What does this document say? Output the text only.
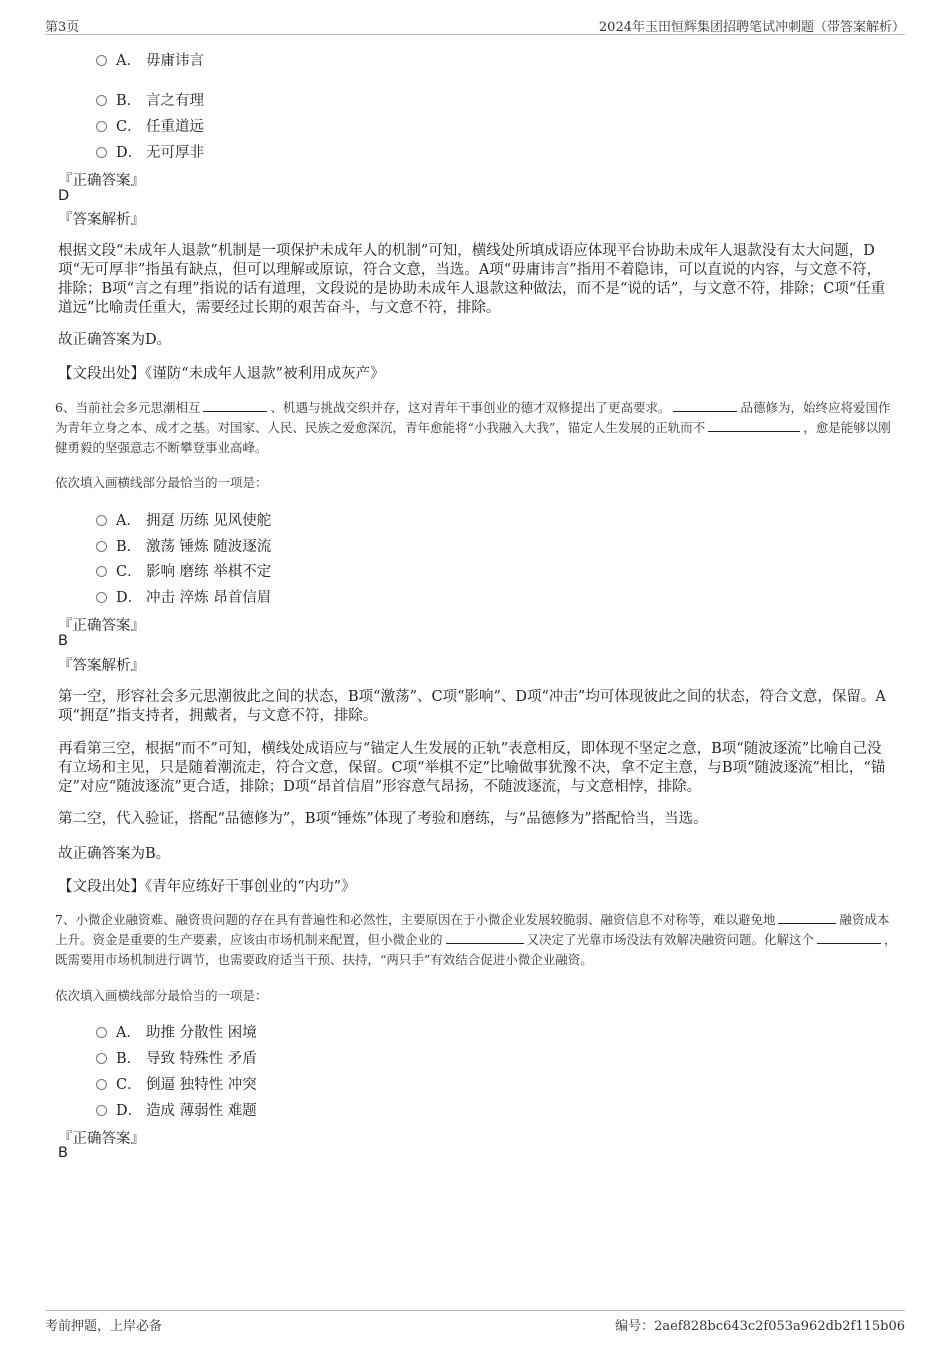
第3页	2024年玉田恒辉集团招聘笔试冲刺题（带答案解析）
A． 毋庸讳言
B． 言之有理
C． 任重道远
D． 无可厚非
『正确答案』
D
『答案解析』
根据文段“未成年人退款”机制是一项保护未成年人的机制”可知，横线处所填成语应体现平台协助未成年人退款没有太大问题，D项“无可厚非”指虽有缺点，但可以理解或原谅，符合文意，当选。A项“毋庸讳言”指用不着隐讳，可以直说的内容，与文意不符，排除；B项“言之有理”指说的话有道理，文段说的是协助未成年人退款这种做法，而不是“说的话”，与文意不符，排除；C项“任重道远”比喻责任重大，需要经过长期的艰苦奋斗，与文意不符，排除。
故正确答案为D。
【文段出处】《谨防“未成年人退款”被利用成灰产》
6、当前社会多元思潮相互	、机遇与挑战交织并存，这对青年干事创业的德才双修提出了更高要求。	品德修为，始终应将爱国作为青年立身之本、成才之基。对国家、人民、民族之爱愈深沉，青年愈能将“小我融入大我”，锚定人生发展的正轨而不	，愈是能够以刚健勇毅的坚强意志不断攀登事业高峰。
依次填入画横线部分最恰当的一项是：
A． 拥趸 历练 见风使舵
B． 激荡 锤炼 随波逐流
C． 影响 磨练 举棋不定
D． 冲击 淬炼 昂首信眉
『正确答案』
B
『答案解析』
第一空，形容社会多元思潮彼此之间的状态，B项“激荡”、C项“影响”、D项“冲击”均可体现彼此之间的状态，符合文意，保留。A项“拥趸”指支持者，拥戴者，与文意不符，排除。
再看第三空，根据“而不”可知，横线处成语应与“锚定人生发展的正轨”表意相反，即体现不坚定之意，B项“随波逐流”比喻自己没有立场和主见，只是随着潮流走，符合文意，保留。C项“举棋不定”比喻做事犹豫不决，拿不定主意，与B项“随波逐流”相比，“锚定”对应“随波逐流”更合适，排除；D项“昂首信眉”形容意气昂扬，不随波逐流，与文意相悖，排除。
第二空，代入验证，搭配“品德修为”，B项“锤炼”体现了考验和磨练，与“品德修为”搭配恰当，当选。
故正确答案为B。
【文段出处】《青年应练好干事创业的“内功”》
7、小微企业融资难、融资贵问题的存在具有普遍性和必然性，主要原因在于小微企业发展较脆弱、融资信息不对称等，难以避免地	融资成本上升。资金是重要的生产要素，应该由市场机制来配置，但小微企业的	又决定了光靠市场没法有效解决融资问题。化解这个	，既需要用市场机制进行调节，也需要政府适当干预、扶持，“两只手”有效结合促进小微企业融资。
依次填入画横线部分最恰当的一项是：
A． 助推 分散性 困境
B． 导致 特殊性 矛盾
C． 倒逼 独特性 冲突
D． 造成 薄弱性 难题
『正确答案』
B
考前押题，上岸必备	编号：2aef828bc643c2f053a962db2f115b06
